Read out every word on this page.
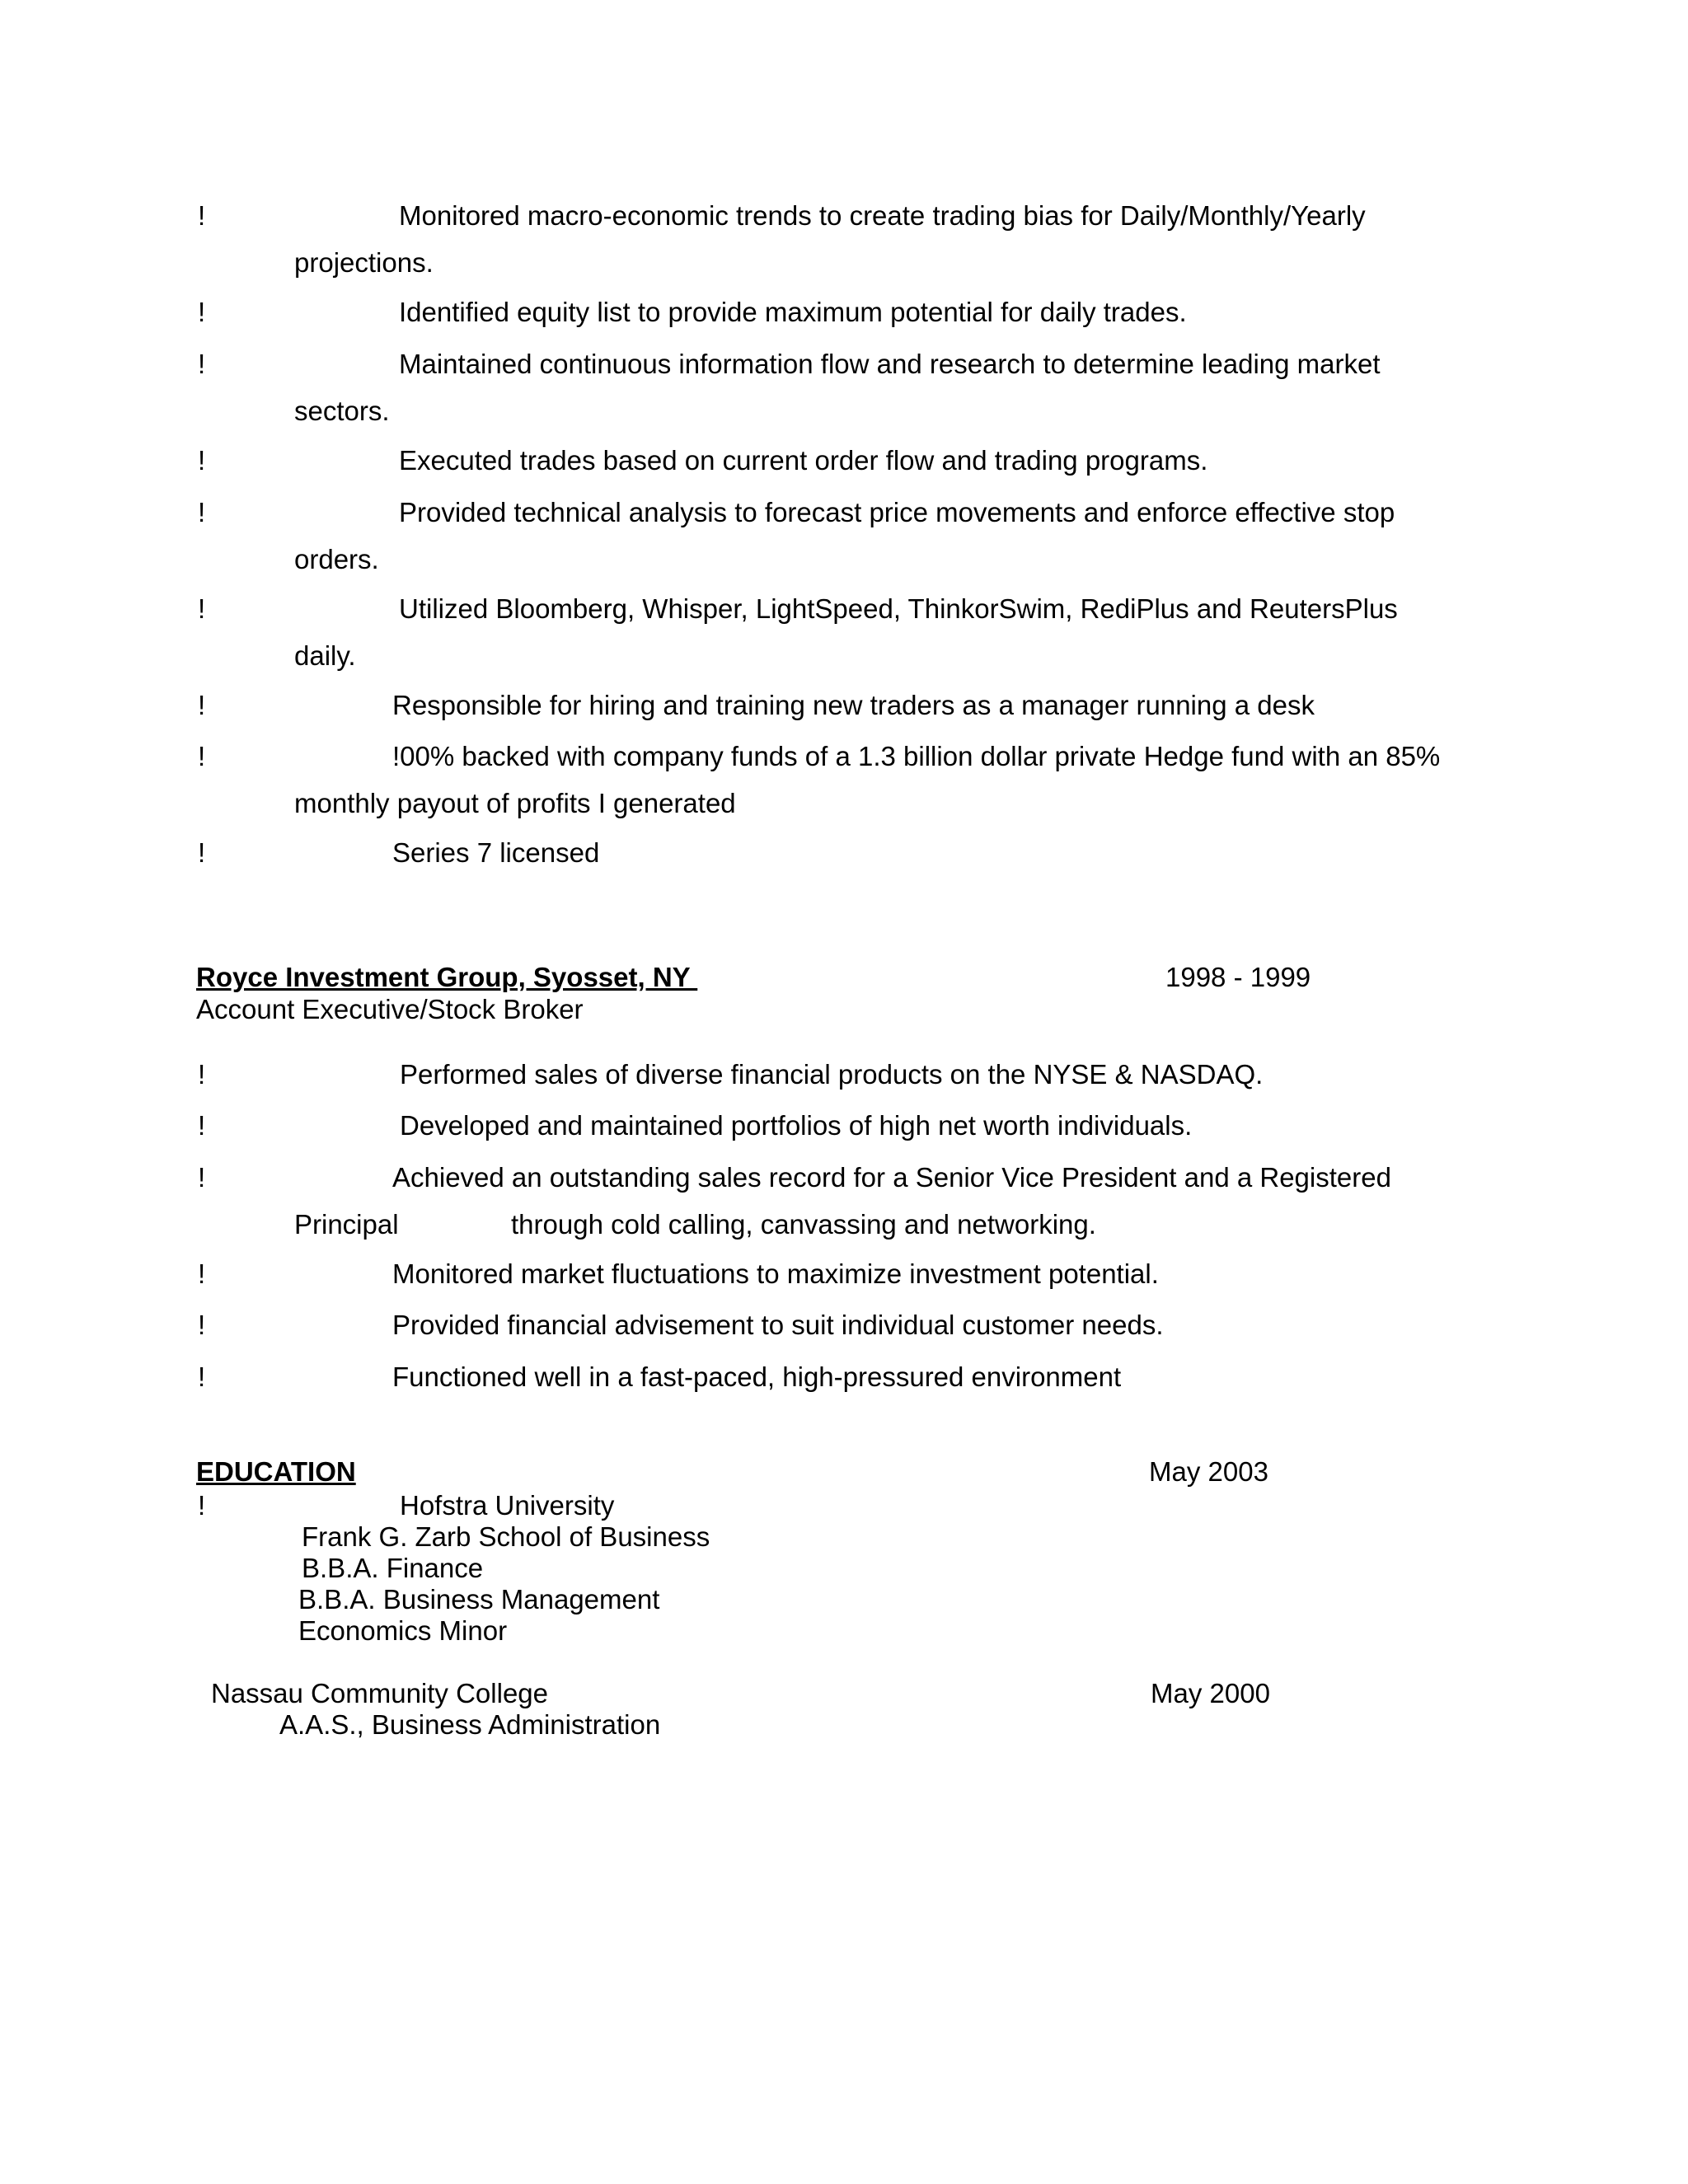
!	Monitored macro-economic trends to create trading bias for Daily/Monthly/Yearly
projections.
!	Identified equity list to provide maximum potential for daily trades.
!	Maintained continuous information flow and research to determine leading market
sectors.
!	Executed trades based on current order flow and trading programs.
!	Provided technical analysis to forecast price movements and enforce effective stop
orders.
!	Utilized Bloomberg, Whisper, LightSpeed, ThinkorSwim, RediPlus and ReutersPlus
daily.
!	Responsible for hiring and training new traders as a manager running a desk
!	!00% backed with company funds of a 1.3 billion dollar private Hedge fund with an 85%
monthly payout of profits I generated
!	Series 7 licensed
Royce Investment Group, Syosset, NY	1998 - 1999
Account Executive/Stock Broker
!	Performed sales of diverse financial products on the NYSE & NASDAQ.
!	Developed and maintained portfolios of high net worth individuals.
!	Achieved an outstanding sales record for a Senior Vice President and a Registered
Principal	through cold calling, canvassing and networking.
!	Monitored market fluctuations to maximize investment potential.
!	Provided financial advisement to suit individual customer needs.
!	Functioned well in a fast-paced, high-pressured environment
EDUCATION	May 2003
!	Hofstra University
Frank G. Zarb School of Business
B.B.A. Finance
B.B.A. Business Management
Economics Minor
Nassau Community College	May 2000
A.A.S., Business Administration
